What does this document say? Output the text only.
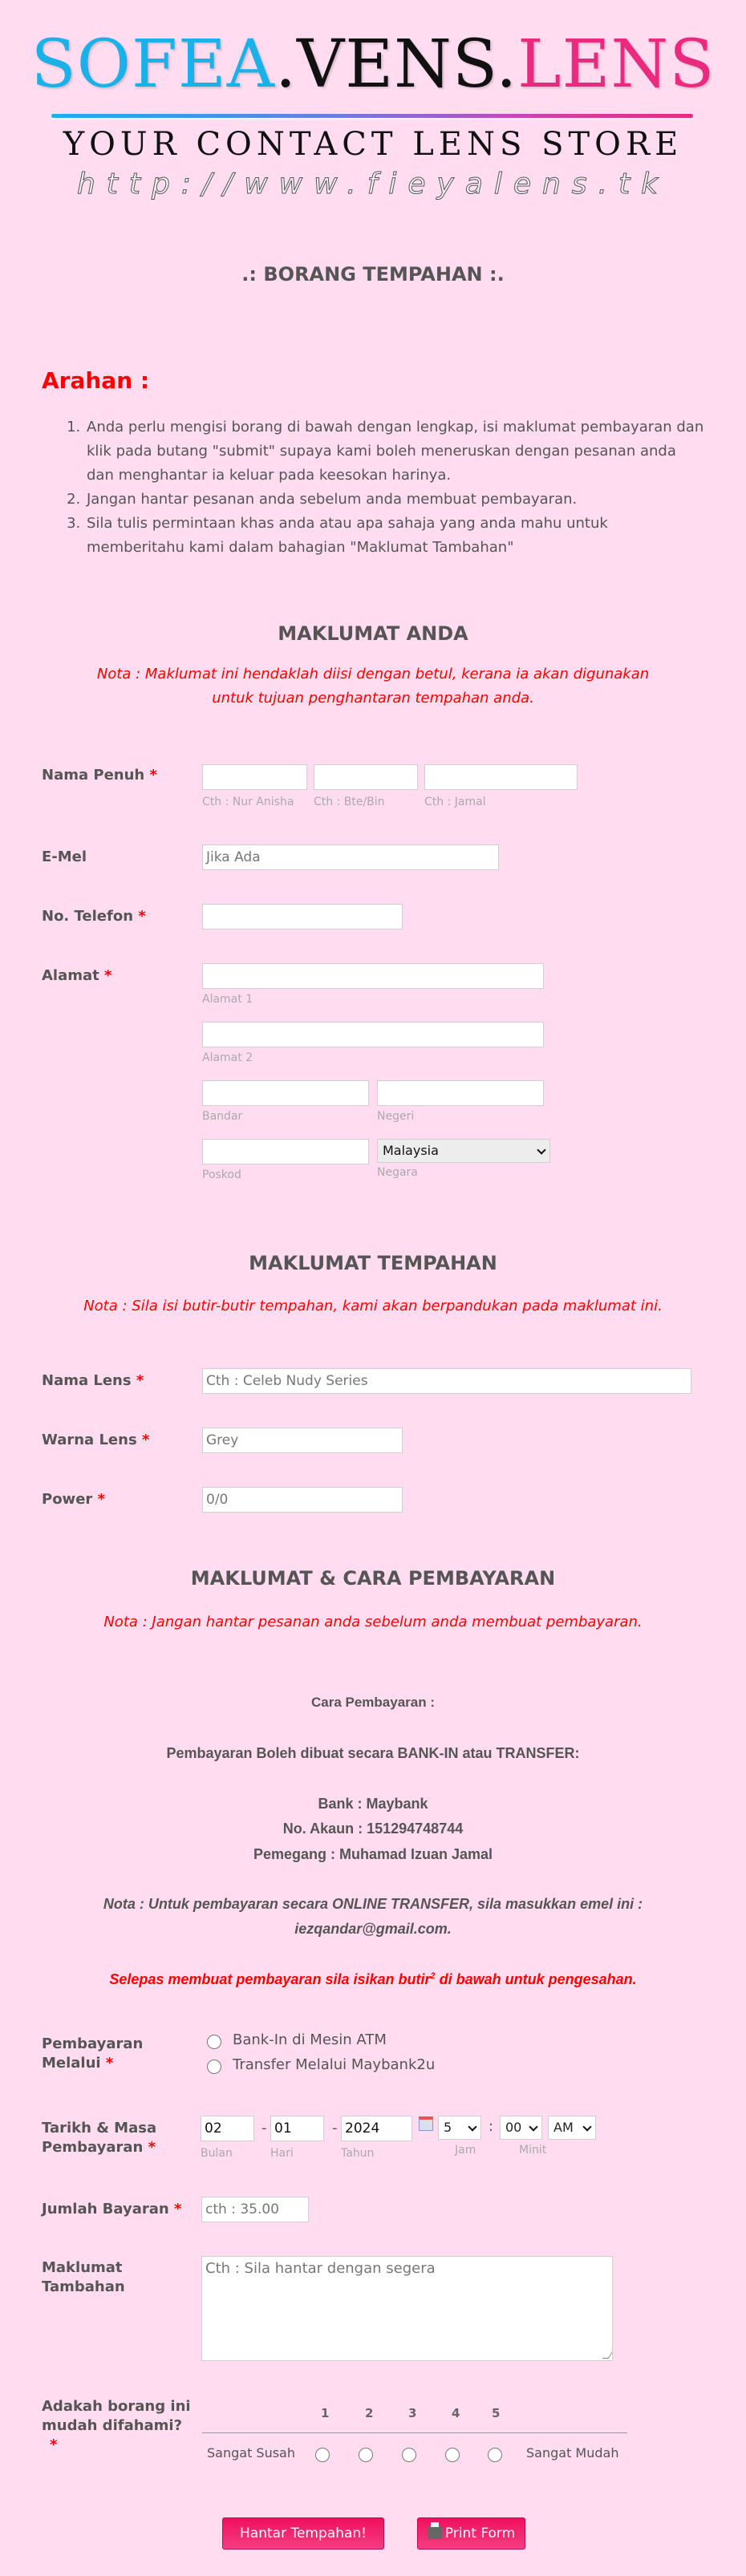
SOFEA.VENS.LENS
YOUR CONTACT LENS STORE
http://www.fieyalens.tk
.: BORANG TEMPAHAN :.
Arahan :
1. Anda perlu mengisi borang di bawah dengan lengkap, isi maklumat pembayaran dan klik pada butang "submit" supaya kami boleh meneruskan dengan pesanan anda dan menghantar ia keluar pada keesokan harinya.
2. Jangan hantar pesanan anda sebelum anda membuat pembayaran.
3. Sila tulis permintaan khas anda atau apa sahaja yang anda mahu untuk memberitahu kami dalam bahagian "Maklumat Tambahan"
MAKLUMAT ANDA
Nota : Maklumat ini hendaklah diisi dengan betul, kerana ia akan digunakan untuk tujuan penghantaran tempahan anda.
Nama Penuh *
Cth : Nur Anisha Cth : Bte/Bin	Cth : Jamal
E-Mel	Jika Ada
No. Telefon *
Alamat *
Alamat 1
Alamat 2
Bandar	Negeri
Poskod
Malaysia
Negara
MAKLUMAT TEMPAHAN
Nota : Sila isi butir-butir tempahan, kami akan berpandukan pada maklumat ini.
Nama Lens *	Cth : Celeb Nudy Series
Warna Lens *	Grey
Power *	0/0
MAKLUMAT & CARA PEMBAYARAN
Nota : Jangan hantar pesanan anda sebelum anda membuat pembayaran.
Cara Pembayaran :
Pembayaran Boleh dibuat secara BANK-IN atau TRANSFER:
Bank : Maybank
No. Akaun : 151294748744
Pemegang : Muhamad Izuan Jamal
Nota : Untuk pembayaran secara ONLINE TRANSFER, sila masukkan emel ini :
iezqandar@gmail.com.
Selepas membuat pembayaran sila isikan butir$^2$ di bawah untuk pengesahan.
Pembayaran
Melalui *
Bank-In di Mesin ATM
Transfer Melalui Maybank2u
Tarikh & Masa
Pembayaran *
02	- 01	- 2024	5	: 00	AM
Bulan	Hari	Tahun	Jam	Minit
Jumlah Bayaran * cth : 35.00
Maklumat
Tambahan
Cth : Sila hantar dengan segera
Adakah borang ini
mudah difahami?
*
1	2	3	4	5
Sangat Susah	Sangat Mudah
Hantar Tempahan!	Print Form
